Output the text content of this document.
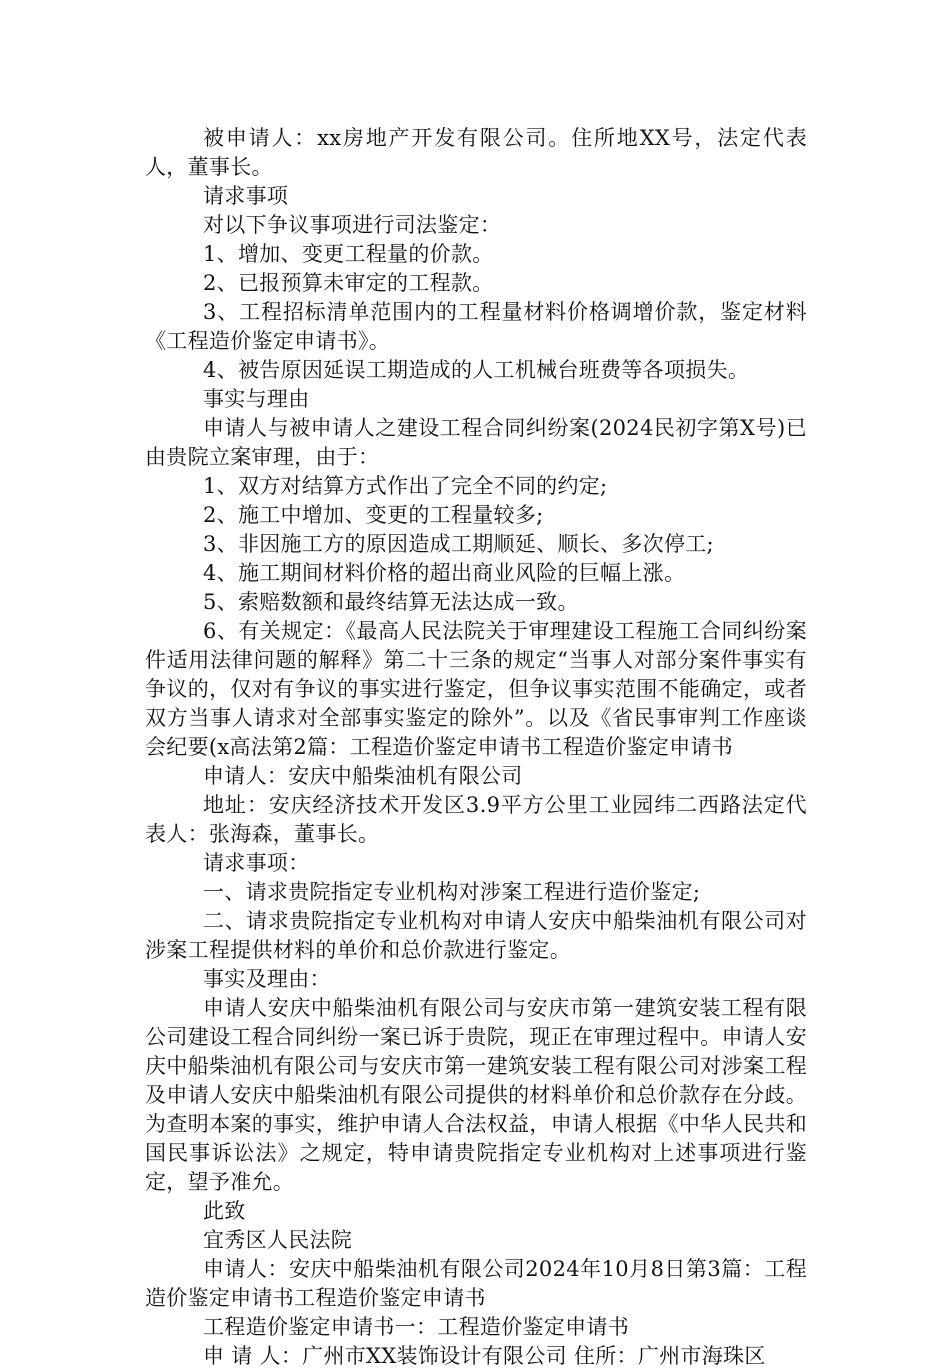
被申请人：xx房地产开发有限公司。住所地XX号，法定代表人，董事长。

请求事项

对以下争议事项进行司法鉴定：

1、增加、变更工程量的价款。

2、已报预算未审定的工程款。

3、工程招标清单范围内的工程量材料价格调增价款，鉴定材料《工程造价鉴定申请书》。

4、被告原因延误工期造成的人工机械台班费等各项损失。

事实与理由

申请人与被申请人之建设工程合同纠纷案(2024民初字第X号)已由贵院立案审理，由于：

1、双方对结算方式作出了完全不同的约定;

2、施工中增加、变更的工程量较多;

3、非因施工方的原因造成工期顺延、顺长、多次停工;

4、施工期间材料价格的超出商业风险的巨幅上涨。

5、索赔数额和最终结算无法达成一致。

6、有关规定：《最高人民法院关于审理建设工程施工合同纠纷案件适用法律问题的解释》第二十三条的规定“当事人对部分案件事实有争议的，仅对有争议的事实进行鉴定，但争议事实范围不能确定，或者双方当事人请求对全部事实鉴定的除外”。以及《省民事审判工作座谈会纪要(x高法第2篇：工程造价鉴定申请书工程造价鉴定申请书

申请人：安庆中船柴油机有限公司

地址：安庆经济技术开发区3.9平方公里工业园纬二西路法定代表人：张海森，董事长。

请求事项：

一、请求贵院指定专业机构对涉案工程进行造价鉴定;

二、请求贵院指定专业机构对申请人安庆中船柴油机有限公司对涉案工程提供材料的单价和总价款进行鉴定。

事实及理由：

申请人安庆中船柴油机有限公司与安庆市第一建筑安装工程有限公司建设工程合同纠纷一案已诉于贵院，现正在审理过程中。申请人安庆中船柴油机有限公司与安庆市第一建筑安装工程有限公司对涉案工程及申请人安庆中船柴油机有限公司提供的材料单价和总价款存在分歧。为查明本案的事实，维护申请人合法权益，申请人根据《中华人民共和国民事诉讼法》之规定，特申请贵院指定专业机构对上述事项进行鉴定，望予准允。

此致

宜秀区人民法院

申请人：安庆中船柴油机有限公司2024年10月8日第3篇：工程造价鉴定申请书工程造价鉴定申请书

工程造价鉴定申请书一：工程造价鉴定申请书

申 请 人：广州市XX装饰设计有限公司 住所：广州市海珠区
